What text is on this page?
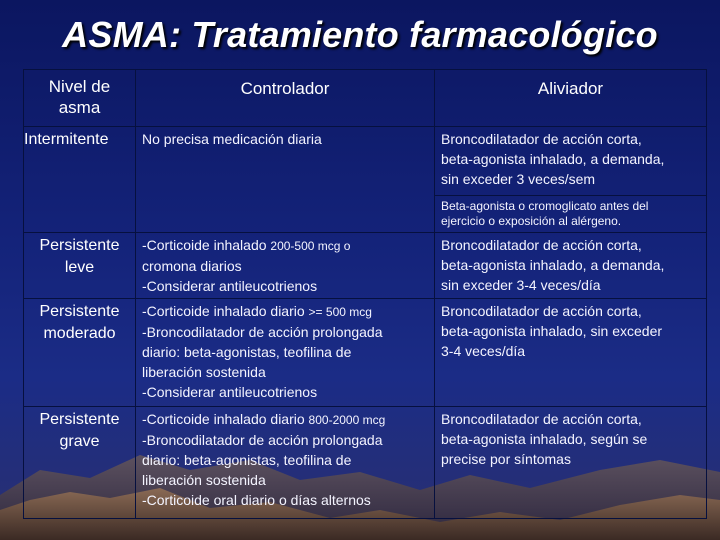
ASMA: Tratamiento farmacológico
Nivel de
asma	Controlador	Aliviador

Intermitente	No precisa medicación diaria	Broncodilatador de acción corta,
beta-agonista inhalado, a demanda,
sin exceder 3 veces/sem
Beta-agonista o cromoglicato antes del
ejercicio o exposición al alérgeno.

Persistente
leve	-Corticoide inhalado 200-500 mcg o
cromona diarios
-Considerar antileucotrienos	Broncodilatador de acción corta,
beta-agonista inhalado, a demanda,
sin exceder 3-4 veces/día

Persistente
moderado	-Corticoide inhalado diario >= 500 mcg
-Broncodilatador de acción prolongada
diario: beta-agonistas, teofilina de
liberación sostenida
-Considerar antileucotrienos	Broncodilatador de acción corta,
beta-agonista inhalado, sin exceder
3-4 veces/día

Persistente
grave	-Corticoide inhalado diario 800-2000 mcg
-Broncodilatador de acción prolongada
diario: beta-agonistas, teofilina de
liberación sostenida
-Corticoide oral diario o días alternos	Broncodilatador de acción corta,
beta-agonista inhalado, según se
precise por síntomas
